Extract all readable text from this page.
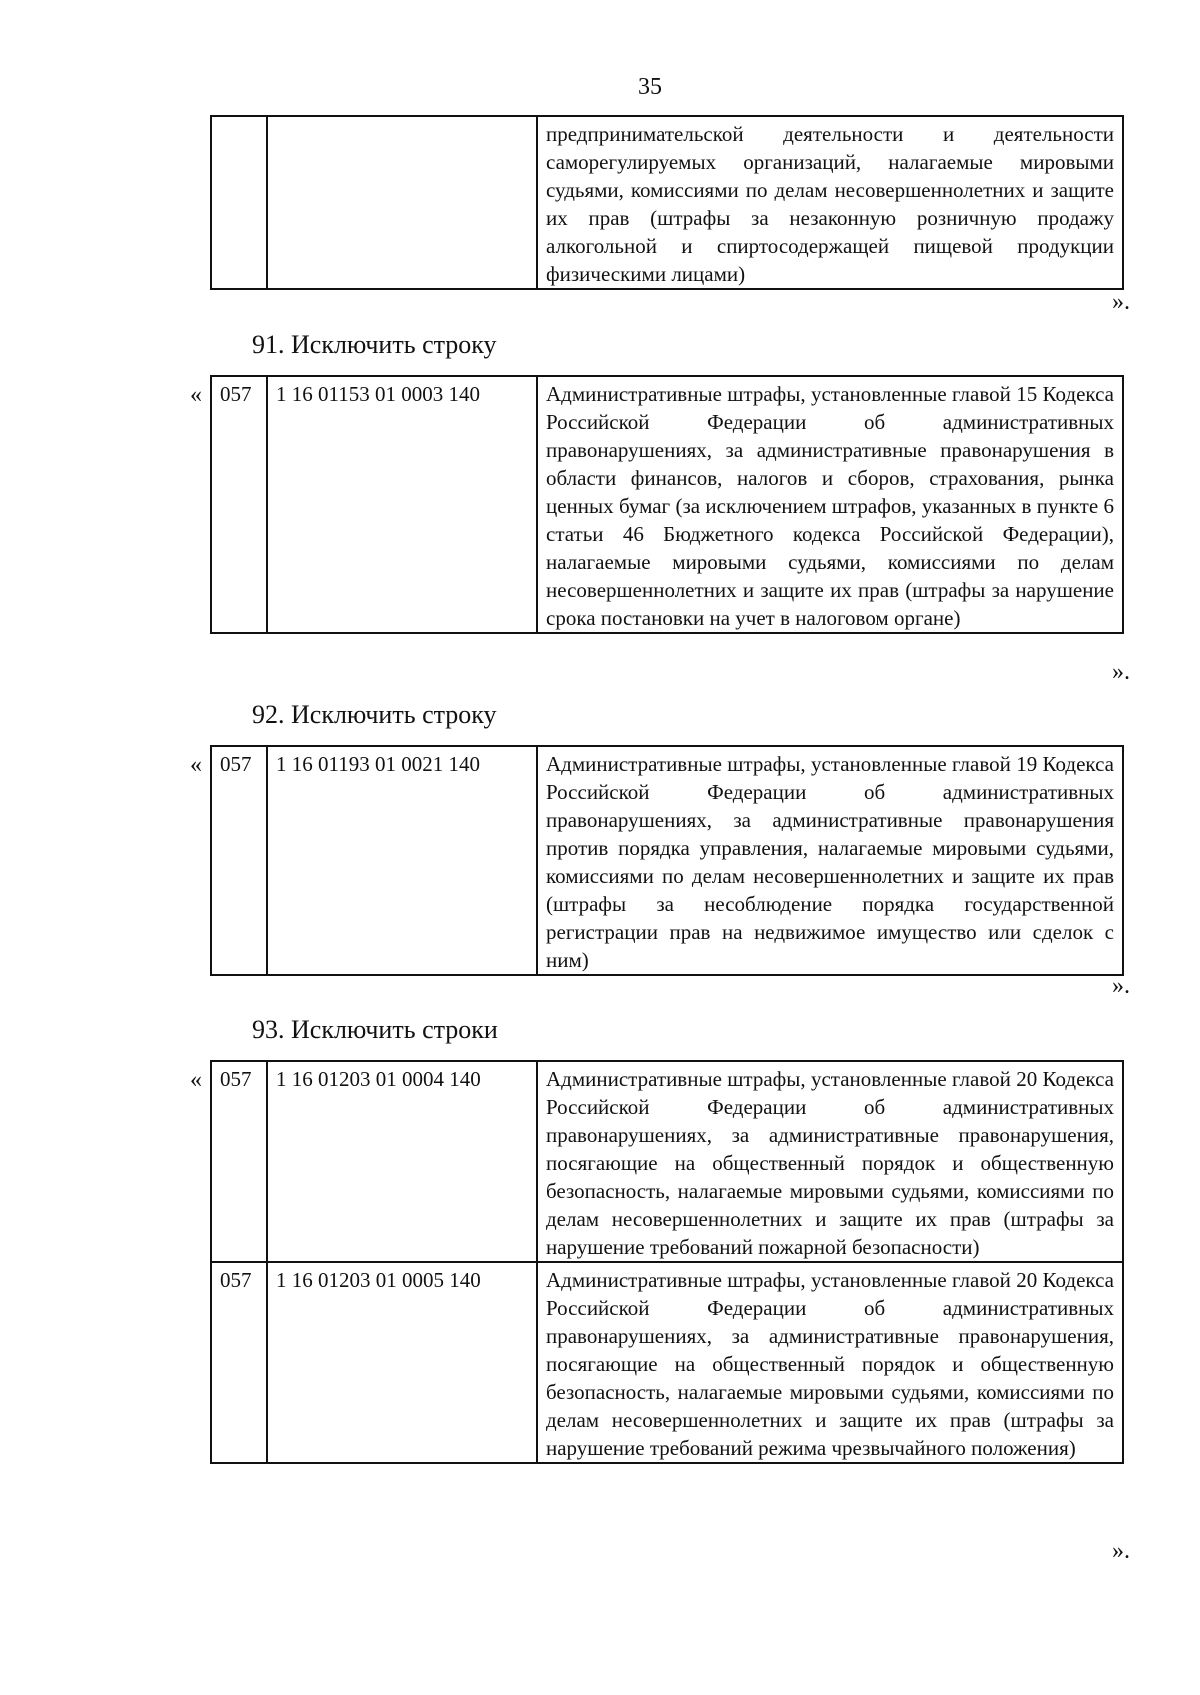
35
		предпринимательской деятельности и деятельности саморегулируемых организаций, налагаемые мировыми судьями, комиссиями по делам несовершеннолетних и защите их прав (штрафы за незаконную розничную продажу алкогольной и спиртосодержащей пищевой продукции физическими лицами)
».
91. Исключить строку
« 057	1 16 01153 01 0003 140	Административные штрафы, установленные главой 15 Кодекса Российской Федерации об административных правонарушениях, за административные правонарушения в области финансов, налогов и сборов, страхования, рынка ценных бумаг (за исключением штрафов, указанных в пункте 6 статьи 46 Бюджетного кодекса Российской Федерации), налагаемые мировыми судьями, комиссиями по делам несовершеннолетних и защите их прав (штрафы за нарушение срока постановки на учет в налоговом органе)
».
92. Исключить строку
« 057	1 16 01193 01 0021 140	Административные штрафы, установленные главой 19 Кодекса Российской Федерации об административных правонарушениях, за административные правонарушения против порядка управления, налагаемые мировыми судьями, комиссиями по делам несовершеннолетних и защите их прав (штрафы за несоблюдение порядка государственной регистрации прав на недвижимое имущество или сделок с ним)
».
93. Исключить строки
« 057	1 16 01203 01 0004 140	Административные штрафы, установленные главой 20 Кодекса Российской Федерации об административных правонарушениях, за административные правонарушения, посягающие на общественный порядок и общественную безопасность, налагаемые мировыми судьями, комиссиями по делам несовершеннолетних и защите их прав (штрафы за нарушение требований пожарной безопасности)
057	1 16 01203 01 0005 140	Административные штрафы, установленные главой 20 Кодекса Российской Федерации об административных правонарушениях, за административные правонарушения, посягающие на общественный порядок и общественную безопасность, налагаемые мировыми судьями, комиссиями по делам несовершеннолетних и защите их прав (штрафы за нарушение требований режима чрезвычайного положения)
».
